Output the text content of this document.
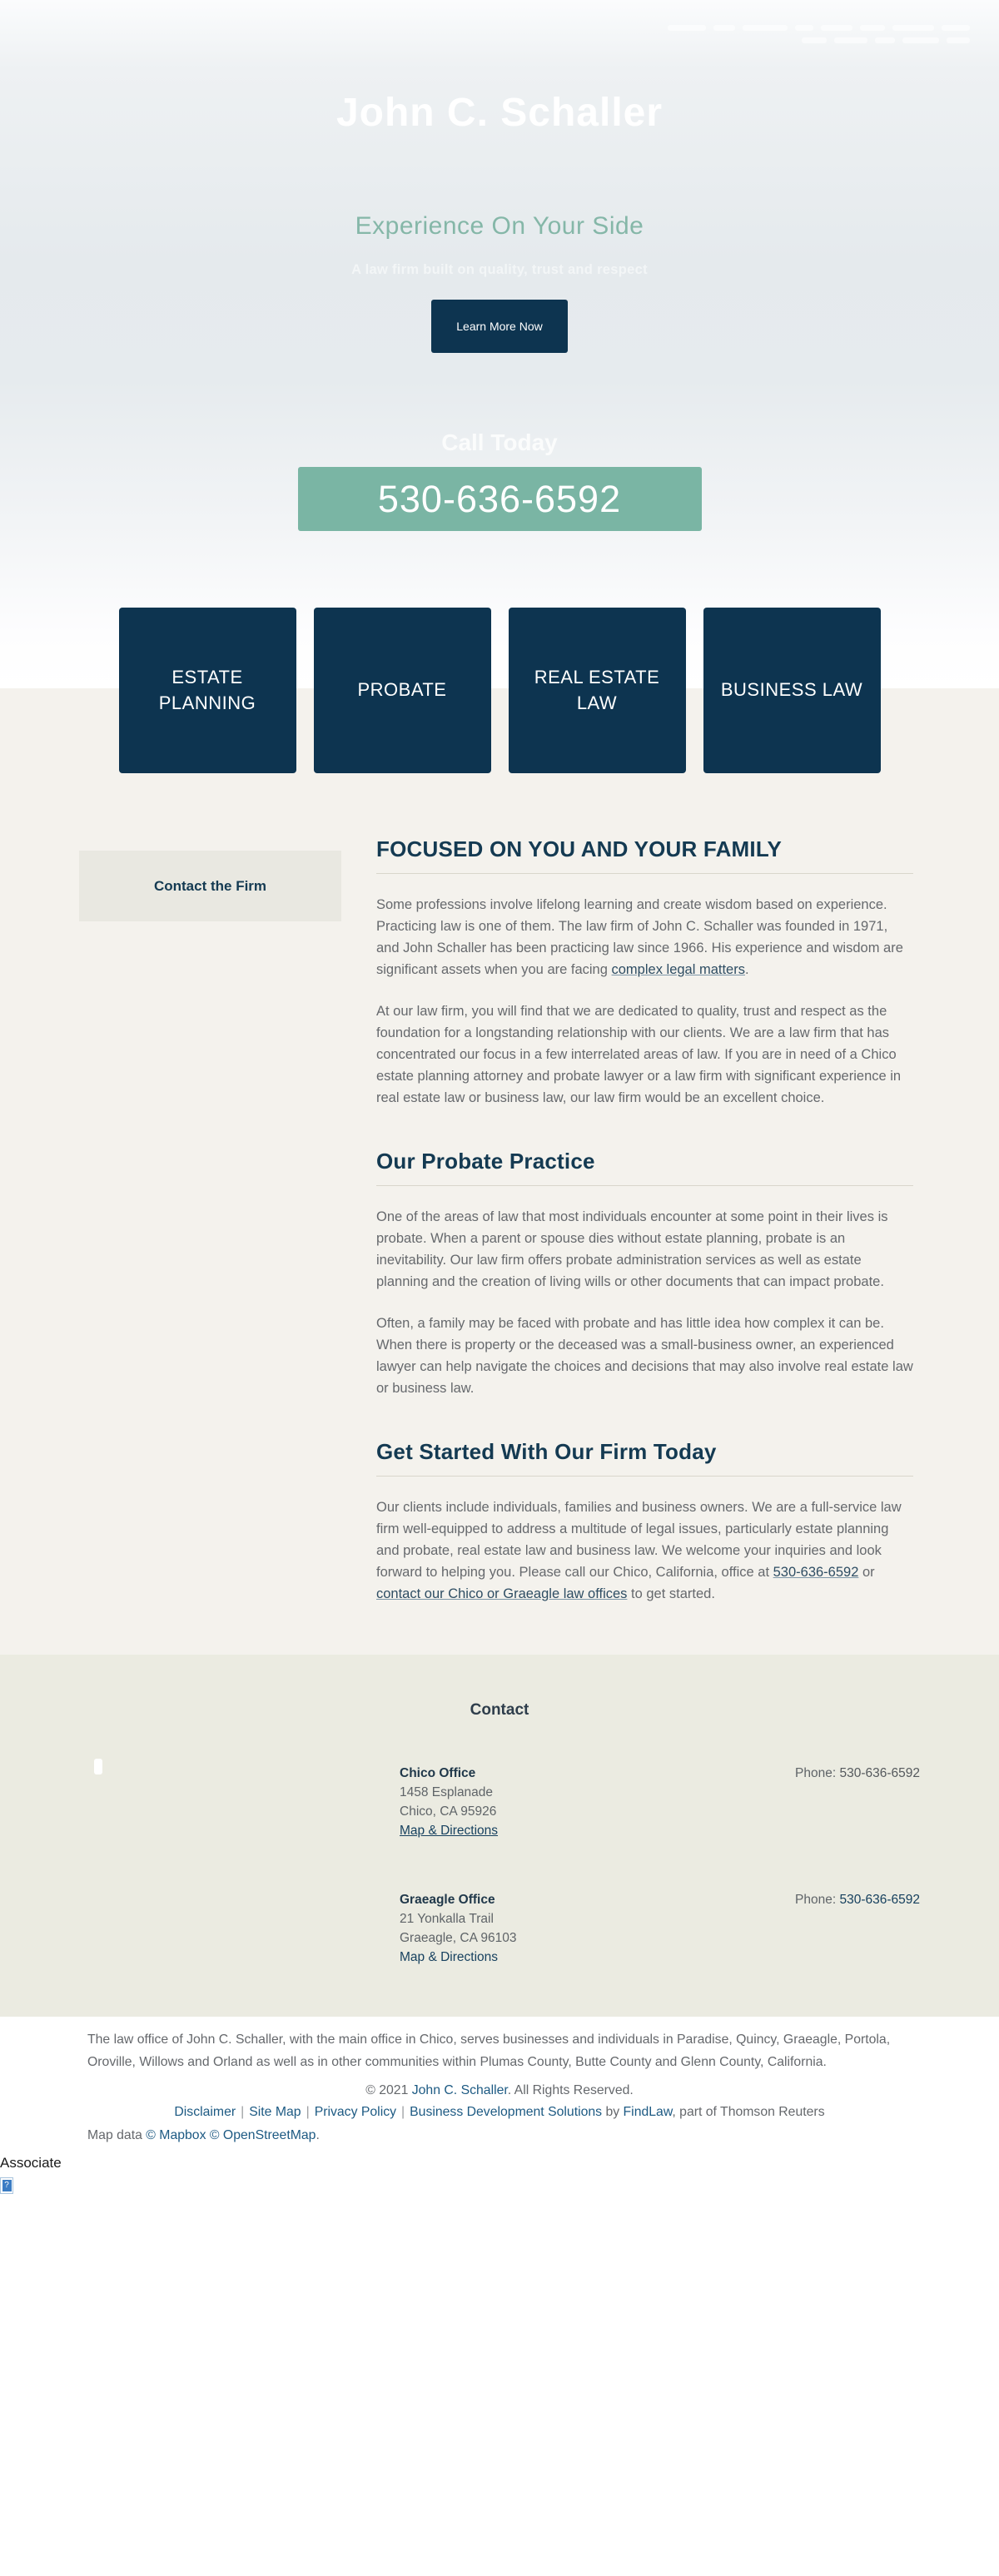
John C. Schaller
Experience On Your Side
A law firm built on quality, trust and respect
Learn More Now
Call Today
530-636-6592
ESTATE PLANNING
PROBATE
REAL ESTATE LAW
BUSINESS LAW
Contact the Firm
FOCUSED ON YOU AND YOUR FAMILY

Some professions involve lifelong learning and create wisdom based on experience. Practicing law is one of them. The law firm of John C. Schaller was founded in 1971, and John Schaller has been practicing law since 1966. His experience and wisdom are significant assets when you are facing complex legal matters.

At our law firm, you will find that we are dedicated to quality, trust and respect as the foundation for a longstanding relationship with our clients. We are a law firm that has concentrated our focus in a few interrelated areas of law. If you are in need of a Chico estate planning attorney and probate lawyer or a law firm with significant experience in real estate law or business law, our law firm would be an excellent choice.

Our Probate Practice

One of the areas of law that most individuals encounter at some point in their lives is probate. When a parent or spouse dies without estate planning, probate is an inevitability. Our law firm offers probate administration services as well as estate planning and the creation of living wills or other documents that can impact probate.

Often, a family may be faced with probate and has little idea how complex it can be. When there is property or the deceased was a small-business owner, an experienced lawyer can help navigate the choices and decisions that may also involve real estate law or business law.

Get Started With Our Firm Today

Our clients include individuals, families and business owners. We are a full-service law firm well-equipped to address a multitude of legal issues, particularly estate planning and probate, real estate law and business law. We welcome your inquiries and look forward to helping you. Please call our Chico, California, office at 530-636-6592 or contact our Chico or Graeagle law offices to get started.

Contact
Chico Office
1458 Esplanade
Chico, CA 95926
Map & Directions
Phone: 530-636-6592
Graeagle Office
21 Yonkalla Trail
Graeagle, CA 96103
Map & Directions
Phone: 530-636-6592

The law office of John C. Schaller, with the main office in Chico, serves businesses and individuals in Paradise, Quincy, Graeagle, Portola, Oroville, Willows and Orland as well as in other communities within Plumas County, Butte County and Glenn County, California.

© 2021 John C. Schaller. All Rights Reserved.
Disclaimer | Site Map | Privacy Policy | Business Development Solutions by FindLaw, part of Thomson Reuters
Map data © Mapbox © OpenStreetMap.
Associate
?
